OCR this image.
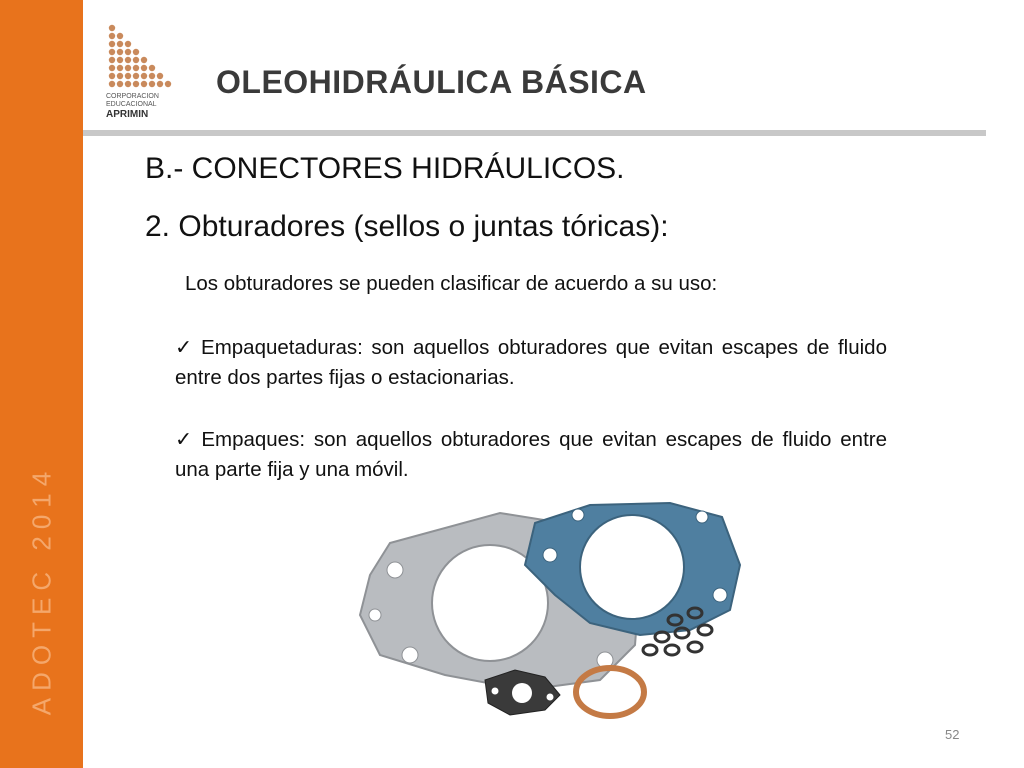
ADOTEC 2014
CORPORACION
EDUCACIONAL
APRIMIN
OLEOHIDRÁULICA BÁSICA
B.- CONECTORES HIDRÁULICOS.
2. Obturadores (sellos o juntas tóricas):
Los obturadores se pueden clasificar de acuerdo a su uso:
✓ Empaquetaduras: son aquellos obturadores que evitan escapes de fluido entre dos partes fijas o estacionarias.
✓ Empaques: son aquellos obturadores que evitan escapes de fluido entre una parte fija y una móvil.
52
